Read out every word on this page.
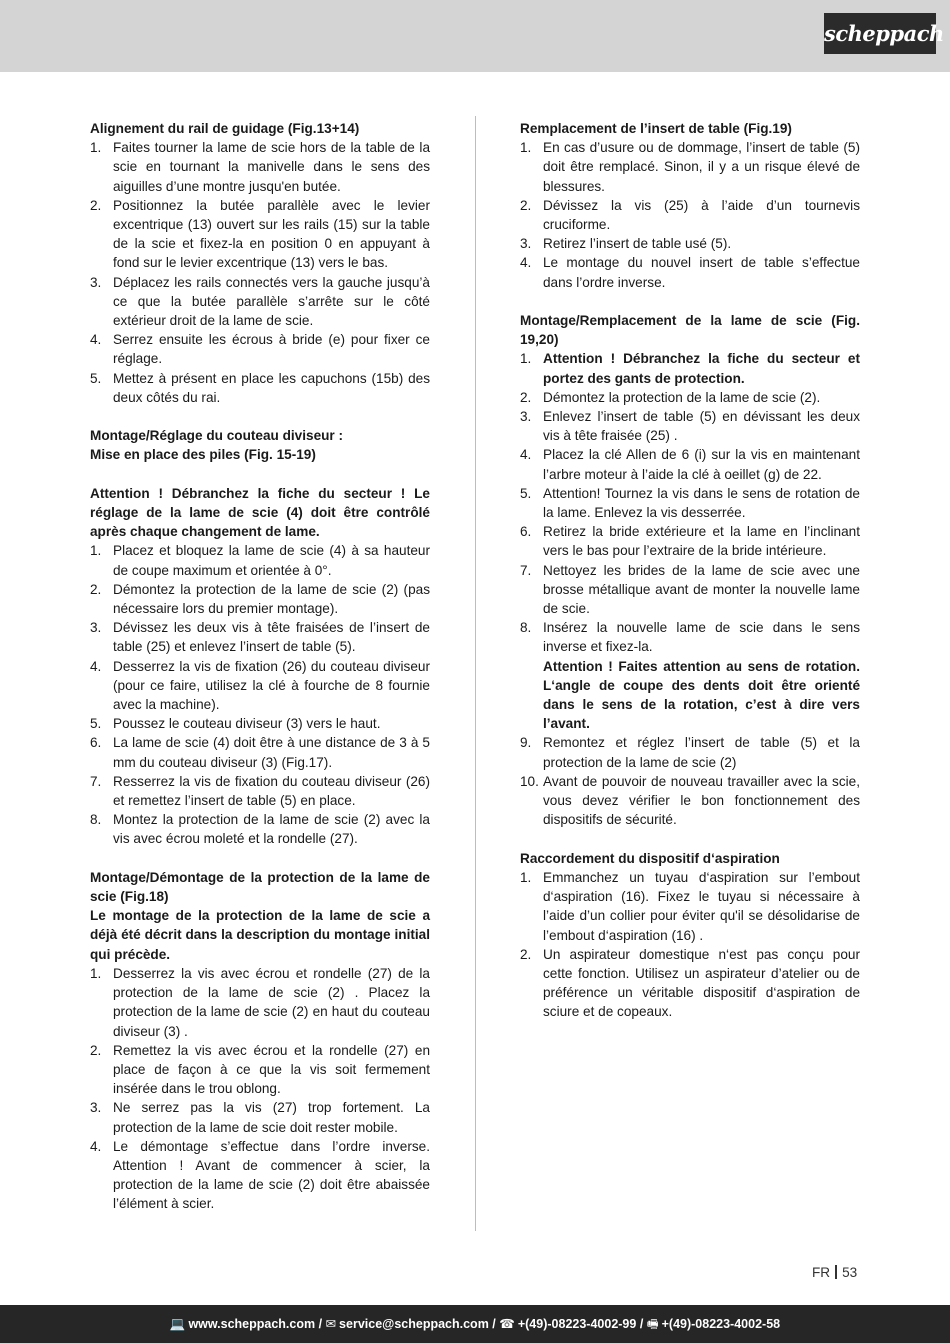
scheppach
Alignement du rail de guidage (Fig.13+14)
1. Faites tourner la lame de scie hors de la table de la scie en tournant la manivelle dans le sens des aiguilles d’une montre jusqu'en butée.
2. Positionnez la butée parallèle avec le levier excentrique (13) ouvert sur les rails (15) sur la table de la scie et fixez-la en position 0 en appuyant à fond sur le levier excentrique (13) vers le bas.
3. Déplacez les rails connectés vers la gauche jusqu’à ce que la butée parallèle s’arrête sur le côté extérieur droit de la lame de scie.
4. Serrez ensuite les écrous à bride (e) pour fixer ce réglage.
5. Mettez à présent en place les capuchons (15b) des deux côtés du rai.
Montage/Réglage du couteau diviseur :
Mise en place des piles (Fig. 15-19)
Attention ! Débranchez la fiche du secteur ! Le réglage de la lame de scie (4) doit être contrôlé après chaque changement de lame.
1. Placez et bloquez la lame de scie (4) à sa hauteur de coupe maximum et orientée à 0°.
2. Démontez la protection de la lame de scie (2) (pas nécessaire lors du premier montage).
3. Dévissez les deux vis à tête fraisées de l’insert de table (25) et enlevez l’insert de table (5).
4. Desserrez la vis de fixation (26) du couteau diviseur (pour ce faire, utilisez la clé à fourche de 8 fournie avec la machine).
5. Poussez le couteau diviseur (3) vers le haut.
6. La lame de scie (4) doit être à une distance de 3 à 5 mm du couteau diviseur (3) (Fig.17).
7. Resserrez la vis de fixation du couteau diviseur (26) et remettez l’insert de table (5) en place.
8. Montez la protection de la lame de scie (2) avec la vis avec écrou moleté et la rondelle (27).
Montage/Démontage de la protection de la lame de scie (Fig.18)
Le montage de la protection de la lame de scie a déjà été décrit dans la description du montage initial qui précède.
1. Desserrez la vis avec écrou et rondelle (27) de la protection de la lame de scie (2) . Placez la protection de la lame de scie (2) en haut du couteau diviseur (3) .
2. Remettez la vis avec écrou et la rondelle (27) en place de façon à ce que la vis soit fermement insérée dans le trou oblong.
3. Ne serrez pas la vis (27) trop fortement. La protection de la lame de scie doit rester mobile.
4. Le démontage s’effectue dans l’ordre inverse. Attention ! Avant de commencer à scier, la protection de la lame de scie (2) doit être abaissée l’élément à scier.
Remplacement de l’insert de table (Fig.19)
1. En cas d’usure ou de dommage, l’insert de table (5) doit être remplacé. Sinon, il y a un risque élevé de blessures.
2. Dévissez la vis (25) à l’aide d’un tournevis cruciforme.
3. Retirez l’insert de table usé (5).
4. Le montage du nouvel insert de table s’effectue dans l’ordre inverse.
Montage/Remplacement de la lame de scie (Fig. 19,20)
1. Attention ! Débranchez la fiche du secteur et portez des gants de protection.
2. Démontez la protection de la lame de scie (2).
3. Enlevez l’insert de table (5) en dévissant les deux vis à tête fraisée (25) .
4. Placez la clé Allen de 6 (i) sur la vis en maintenant l’arbre moteur à l’aide la clé à oeillet (g) de 22.
5. Attention! Tournez la vis dans le sens de rotation de la lame. Enlevez la vis desserrée.
6. Retirez la bride extérieure et la lame en l’inclinant vers le bas pour l’extraire de la bride intérieure.
7. Nettoyez les brides de la lame de scie avec une brosse métallique avant de monter la nouvelle lame de scie.
8. Insérez la nouvelle lame de scie dans le sens inverse et fixez-la.
Attention ! Faites attention au sens de rotation. L‘angle de coupe des dents doit être orienté dans le sens de la rotation, c’est à dire vers l’avant.
9. Remontez et réglez l’insert de table (5) et la protection de la lame de scie (2)
10. Avant de pouvoir de nouveau travailler avec la scie, vous devez vérifier le bon fonctionnement des dispositifs de sécurité.
Raccordement du dispositif d‘aspiration
1. Emmanchez un tuyau d‘aspiration sur l’embout d‘aspiration (16). Fixez le tuyau si nécessaire à l’aide d’un collier pour éviter qu'il se désolidarise de l’embout d‘aspiration (16) .
2. Un aspirateur domestique n‘est pas conçu pour cette fonction. Utilisez un aspirateur d’atelier ou de préférence un véritable dispositif d‘aspiration de sciure et de copeaux.
FR 53
💻 www.scheppach.com / ✉ service@scheppach.com / ☎ +(49)-08223-4002-99 / 🖷 +(49)-08223-4002-58
